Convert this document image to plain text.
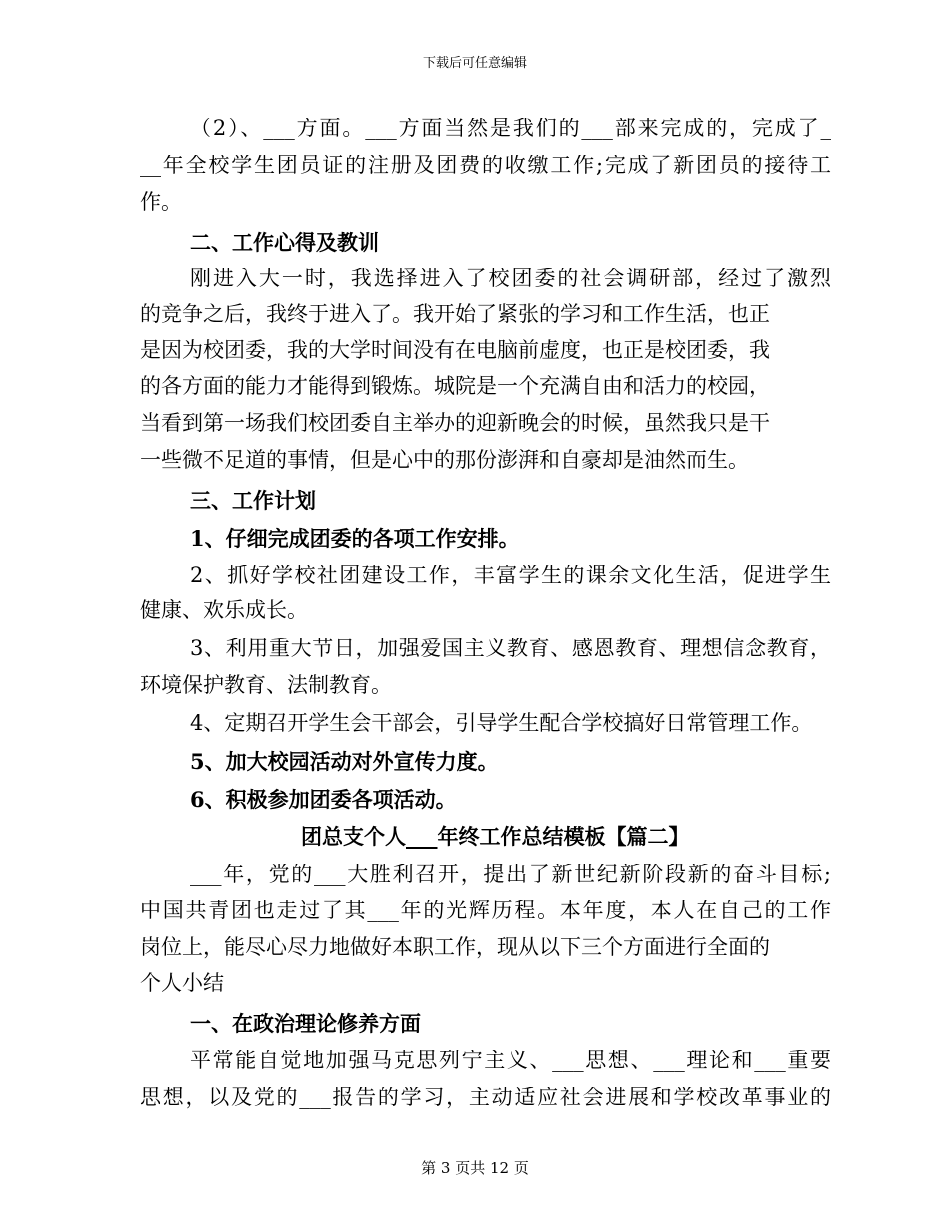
下载后可任意编辑
（2）、___方面。___方面当然是我们的___部来完成的，完成了_
__年全校学生团员证的注册及团费的收缴工作;完成了新团员的接待工
作。
二、工作心得及教训
刚进入大一时，我选择进入了校团委的社会调研部，经过了激烈
的竞争之后，我终于进入了。我开始了紧张的学习和工作生活，也正
是因为校团委，我的大学时间没有在电脑前虚度，也正是校团委，我
的各方面的能力才能得到锻炼。城院是一个充满自由和活力的校园，
当看到第一场我们校团委自主举办的迎新晚会的时候，虽然我只是干
一些微不足道的事情，但是心中的那份澎湃和自豪却是油然而生。
三、工作计划
1、仔细完成团委的各项工作安排。
2、抓好学校社团建设工作，丰富学生的课余文化生活，促进学生
健康、欢乐成长。
3、利用重大节日，加强爱国主义教育、感恩教育、理想信念教育，
环境保护教育、法制教育。
4、定期召开学生会干部会，引导学生配合学校搞好日常管理工作。
5、加大校园活动对外宣传力度。
6、积极参加团委各项活动。
团总支个人___年终工作总结模板【篇二】
___年，党的___大胜利召开，提出了新世纪新阶段新的奋斗目标;
中国共青团也走过了其___年的光辉历程。本年度，本人在自己的工作
岗位上，能尽心尽力地做好本职工作，现从以下三个方面进行全面的
个人小结
一、在政治理论修养方面
平常能自觉地加强马克思列宁主义、___思想、___理论和___重要
思想，以及党的___报告的学习，主动适应社会进展和学校改革事业的
第 3 页共 12 页
